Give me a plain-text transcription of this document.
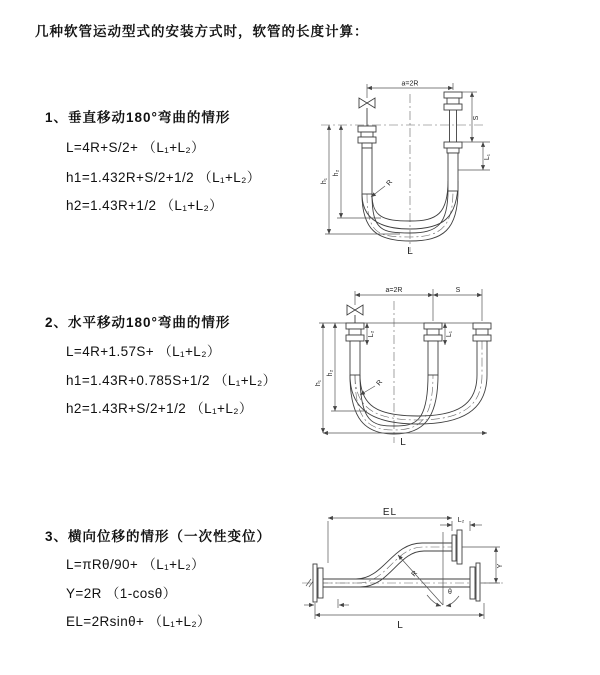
几种软管运动型式的安装方式时，软管的长度计算：
1、垂直移动180°弯曲的情形
L=4R+S/2+ （L₁+L₂）
h1=1.432R+S/2+1/2 （L₁+L₂）
h2=1.43R+1/2 （L₁+L₂）
2、水平移动180°弯曲的情形
L=4R+1.57S+ （L₁+L₂）
h1=1.43R+0.785S+1/2 （L₁+L₂）
h2=1.43R+S/2+1/2 （L₁+L₂）
3、横向位移的情形（一次性变位）
L=πRθ/90+ （L₁+L₂）
Y=2R （1-cosθ）
EL=2Rsinθ+ （L₁+L₂）
a=2R
h₁
h₂
S
L₁
R
L
a=2R	S
h₁
h₂
L₂	L₁
R
L
EL
L₂
R
θ
Y
L
